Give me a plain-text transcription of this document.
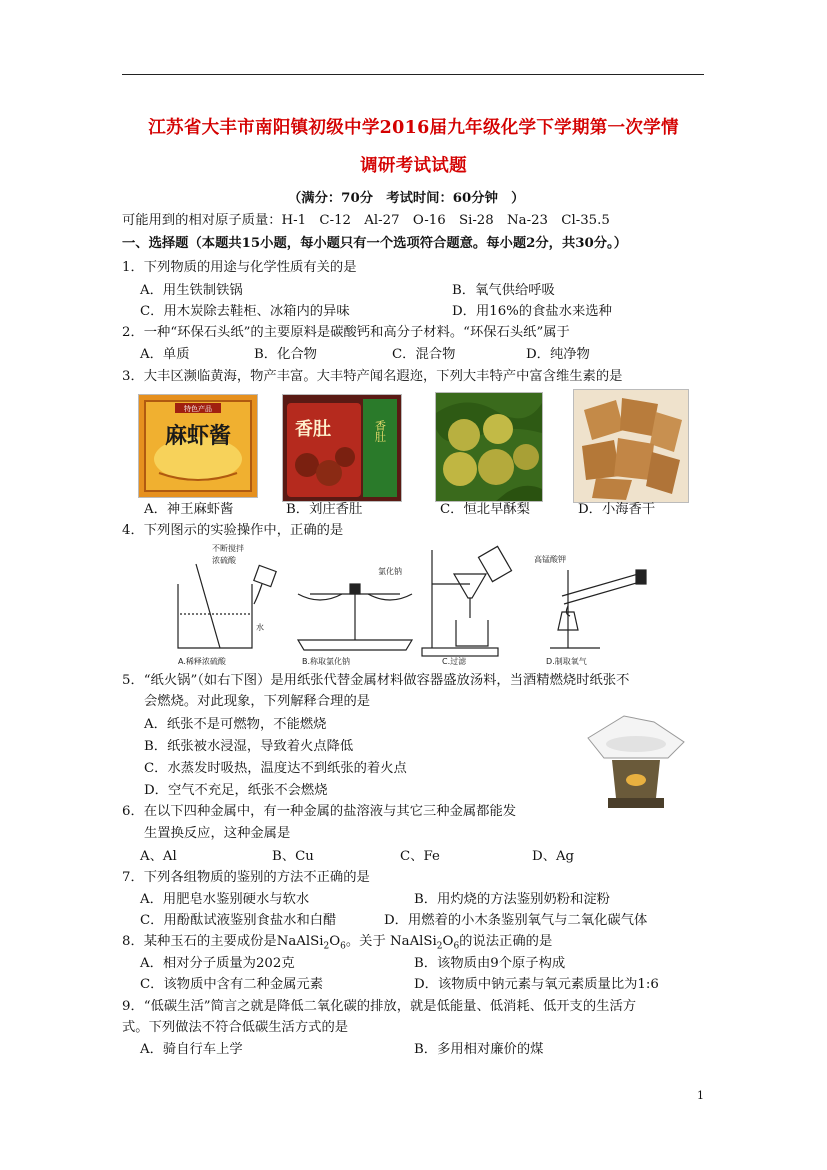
江苏省大丰市南阳镇初级中学2016届九年级化学下学期第一次学情
调研考试试题
（满分：70分　考试时间：60分钟　）
可能用到的相对原子质量：H-1　C-12　Al-27　O-16　Si-28　Na-23　Cl-35.5
一、选择题（本题共15小题，每小题只有一个选项符合题意。每小题2分，共30分。）
1．下列物质的用途与化学性质有关的是
A．用生铁制铁锅	B．氧气供给呼吸
C．用木炭除去鞋柜、冰箱内的异味	D．用16%的食盐水来选种
2．一种“环保石头纸”的主要原料是碳酸钙和高分子材料。“环保石头纸”属于
A．单质	B．化合物	C．混合物	D．纯净物
3．大丰区濒临黄海，物产丰富。大丰特产闻名遐迩，下列大丰特产中富含维生素的是
特色产品
麻虾酱	香肚	香肚
A．神王麻虾酱	B．刘庄香肚	C．恒北早酥梨	D．小海香干
4．下列图示的实验操作中，正确的是
不断搅拌
浓硫酸
水
A.稀释浓硫酸
氯化钠
B.称取氯化钠	C.过滤
高锰酸钾
D.制取氧气
5．“纸火锅”（如右下图）是用纸张代替金属材料做容器盛放汤料，当酒精燃烧时纸张不
会燃烧。对此现象，下列解释合理的是
A．纸张不是可燃物，不能燃烧
B．纸张被水浸湿，导致着火点降低
C．水蒸发时吸热，温度达不到纸张的着火点
D．空气不充足，纸张不会燃烧
6．在以下四种金属中，有一种金属的盐溶液与其它三种金属都能发
生置换反应，这种金属是
A、Al	B、Cu	C、Fe	D、Ag
7．下列各组物质的鉴别的方法不正确的是
A．用肥皂水鉴别硬水与软水	B．用灼烧的方法鉴别奶粉和淀粉
C．用酚酞试液鉴别食盐水和白醋	D．用燃着的小木条鉴别氧气与二氧化碳气体
8．某种玉石的主要成份是$NaAlSi_2O_6$。关于 $NaAlSi_2O_6$的说法正确的是
A．相对分子质量为202克	B．该物质由9个原子构成
C．该物质中含有二种金属元素	D．该物质中钠元素与氧元素质量比为1:6
9．“低碳生活”简言之就是降低二氧化碳的排放，就是低能量、低消耗、低开支的生活方
式。下列做法不符合低碳生活方式的是
A．骑自行车上学	B．多用相对廉价的煤
1
